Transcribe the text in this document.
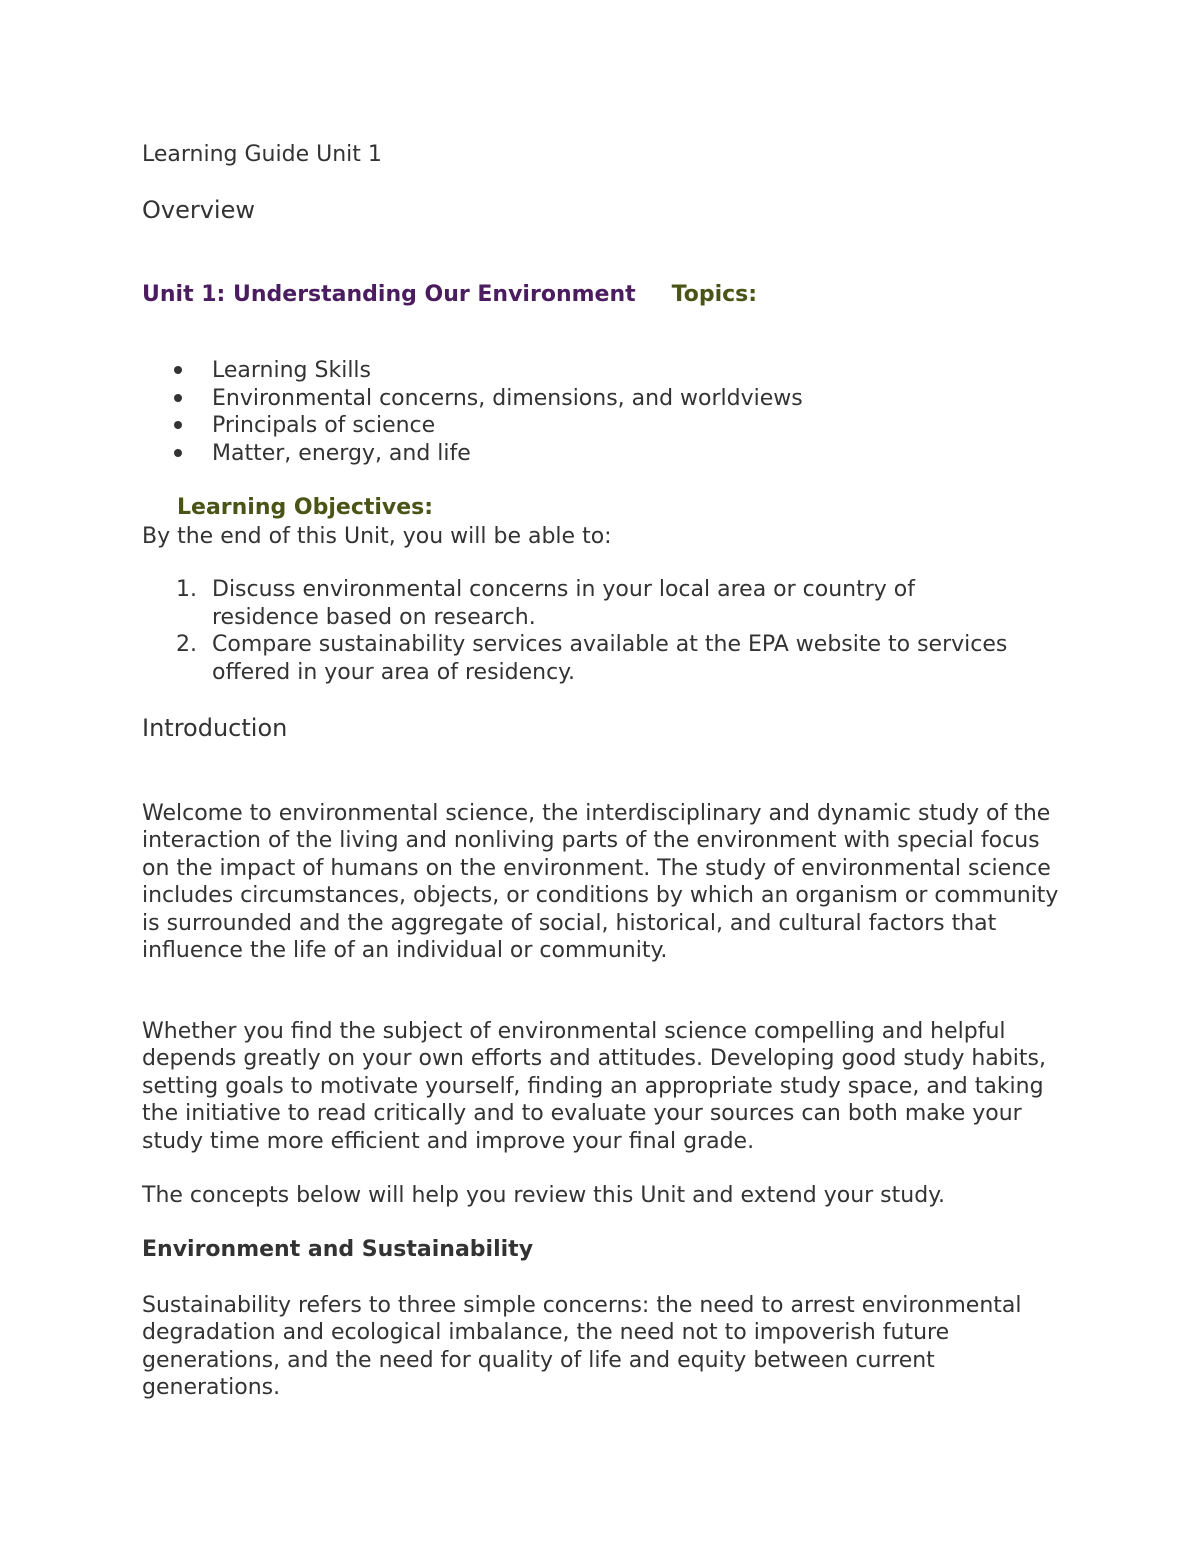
Learning Guide Unit 1

Overview

Unit 1: Understanding Our Environment Topics:

Learning Skills
Environmental concerns, dimensions, and worldviews
Principals of science
Matter, energy, and life

Learning Objectives:

By the end of this Unit, you will be able to:

1. Discuss environmental concerns in your local area or country of residence based on research.
2. Compare sustainability services available at the EPA website to services offered in your area of residency.
Introduction

Welcome to environmental science, the interdisciplinary and dynamic study of the interaction of the living and nonliving parts of the environment with special focus on the impact of humans on the environment. The study of environmental science includes circumstances, objects, or conditions by which an organism or community is surrounded and the aggregate of social, historical, and cultural factors that influence the life of an individual or community.

Whether you find the subject of environmental science compelling and helpful depends greatly on your own efforts and attitudes. Developing good study habits, setting goals to motivate yourself, finding an appropriate study space, and taking the initiative to read critically and to evaluate your sources can both make your study time more efficient and improve your final grade.

The concepts below will help you review this Unit and extend your study.

Environment and Sustainability

Sustainability refers to three simple concerns: the need to arrest environmental degradation and ecological imbalance, the need not to impoverish future generations, and the need for quality of life and equity between current generations.
